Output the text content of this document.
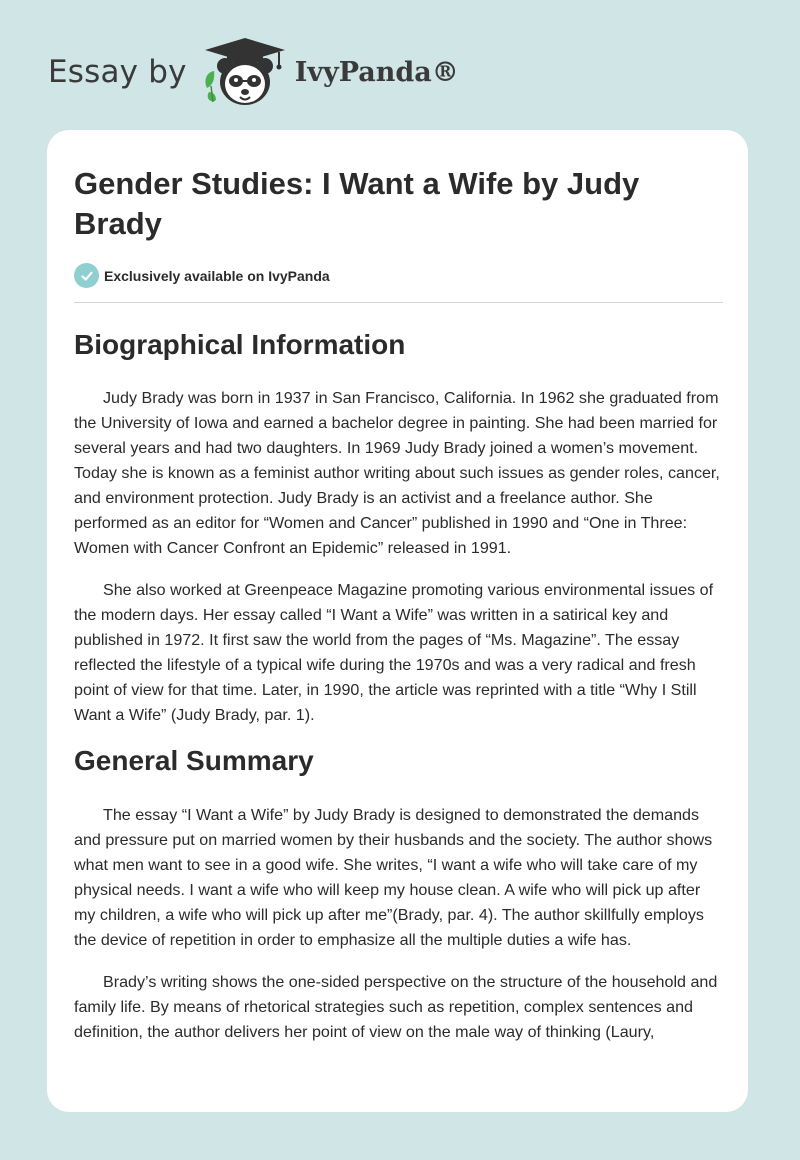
Essay by	IvyPanda®
Gender Studies: I Want a Wife by Judy Brady
Exclusively available on IvyPanda
Biographical Information

Judy Brady was born in 1937 in San Francisco, California. In 1962 she graduated from the University of Iowa and earned a bachelor degree in painting. She had been married for several years and had two daughters. In 1969 Judy Brady joined a women’s movement. Today she is known as a feminist author writing about such issues as gender roles, cancer, and environment protection. Judy Brady is an activist and a freelance author. She performed as an editor for “Women and Cancer” published in 1990 and “One in Three: Women with Cancer Confront an Epidemic” released in 1991.

She also worked at Greenpeace Magazine promoting various environmental issues of the modern days. Her essay called “I Want a Wife” was written in a satirical key and published in 1972. It first saw the world from the pages of “Ms. Magazine”. The essay reflected the lifestyle of a typical wife during the 1970s and was a very radical and fresh point of view for that time. Later, in 1990, the article was reprinted with a title “Why I Still Want a Wife” (Judy Brady, par. 1).

General Summary

The essay “I Want a Wife” by Judy Brady is designed to demonstrated the demands and pressure put on married women by their husbands and the society. The author shows what men want to see in a good wife. She writes, “I want a wife who will take care of my physical needs. I want a wife who will keep my house clean. A wife who will pick up after my children, a wife who will pick up after me”(Brady, par. 4). The author skillfully employs the device of repetition in order to emphasize all the multiple duties a wife has.

Brady’s writing shows the one-sided perspective on the structure of the household and family life. By means of rhetorical strategies such as repetition, complex sentences and definition, the author delivers her point of view on the male way of thinking (Laury,
